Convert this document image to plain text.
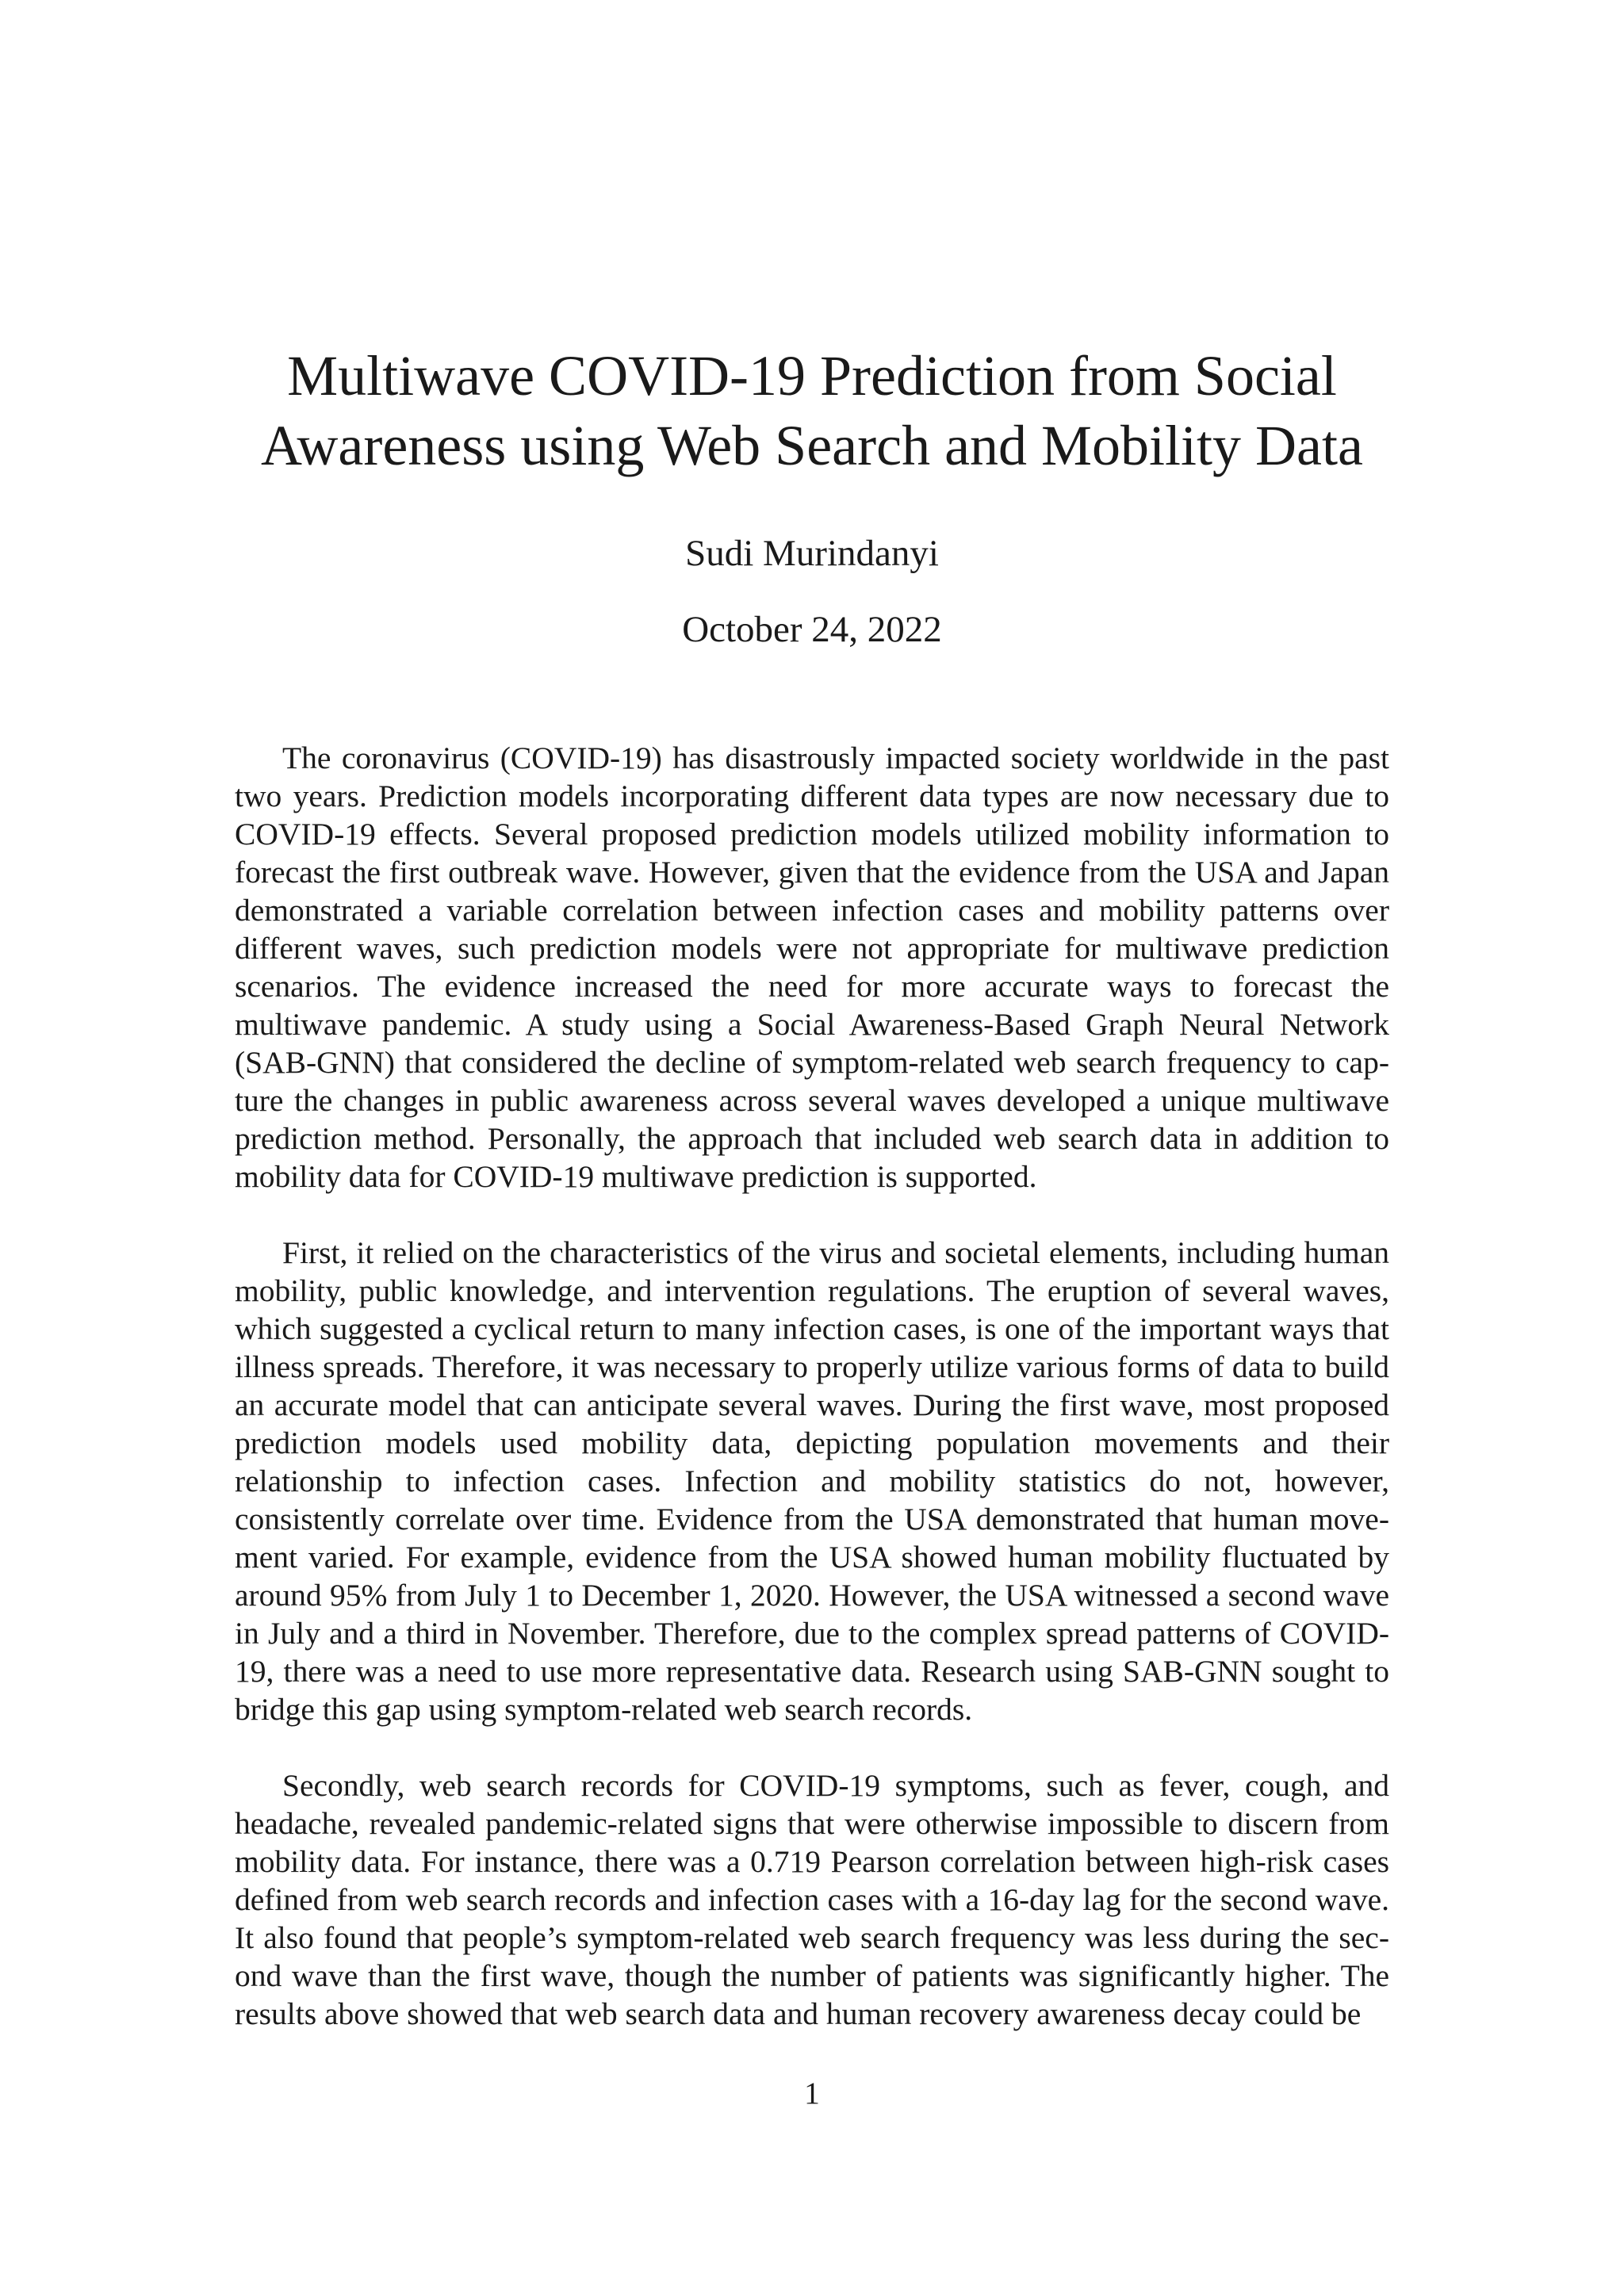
Multiwave COVID-19 Prediction from Social
Awareness using Web Search and Mobility Data
Sudi Murindanyi
October 24, 2022

The coronavirus (COVID-19) has disastrously impacted society worldwide in the past two years. Prediction models incorporating different data types are now necessary due to COVID-19 effects. Several proposed prediction models utilized mobility information to forecast the first outbreak wave. However, given that the evidence from the USA and Japan demonstrated a variable correlation between infection cases and mobility patterns over different waves, such prediction models were not appropriate for multiwave prediction scenarios. The evidence increased the need for more accurate ways to forecast the multiwave pandemic. A study using a Social Awareness-Based Graph Neural Network (SAB-GNN) that considered the decline of symptom-related web search frequency to capture the changes in public awareness across several waves developed a unique multiwave prediction method. Personally, the approach that included web search data in addition to mobility data for COVID-19 multiwave prediction is supported.

First, it relied on the characteristics of the virus and societal elements, including human mobility, public knowledge, and intervention regulations. The eruption of several waves, which suggested a cyclical return to many infection cases, is one of the important ways that illness spreads. Therefore, it was necessary to properly utilize various forms of data to build an accurate model that can anticipate several waves. During the first wave, most proposed prediction models used mobility data, depicting population movements and their relationship to infection cases. Infection and mobility statistics do not, however, consistently correlate over time. Evidence from the USA demonstrated that human movement varied. For example, evidence from the USA showed human mobility fluctuated by around 95% from July 1 to December 1, 2020. However, the USA witnessed a second wave in July and a third in November. Therefore, due to the complex spread patterns of COVID-19, there was a need to use more representative data. Research using SAB-GNN sought to bridge this gap using symptom-related web search records.

Secondly, web search records for COVID-19 symptoms, such as fever, cough, and headache, revealed pandemic-related signs that were otherwise impossible to discern from mobility data. For instance, there was a 0.719 Pearson correlation between high-risk cases defined from web search records and infection cases with a 16-day lag for the second wave. It also found that people’s symptom-related web search frequency was less during the second wave than the first wave, though the number of patients was significantly higher. The results above showed that web search data and human recovery awareness decay could be

1
